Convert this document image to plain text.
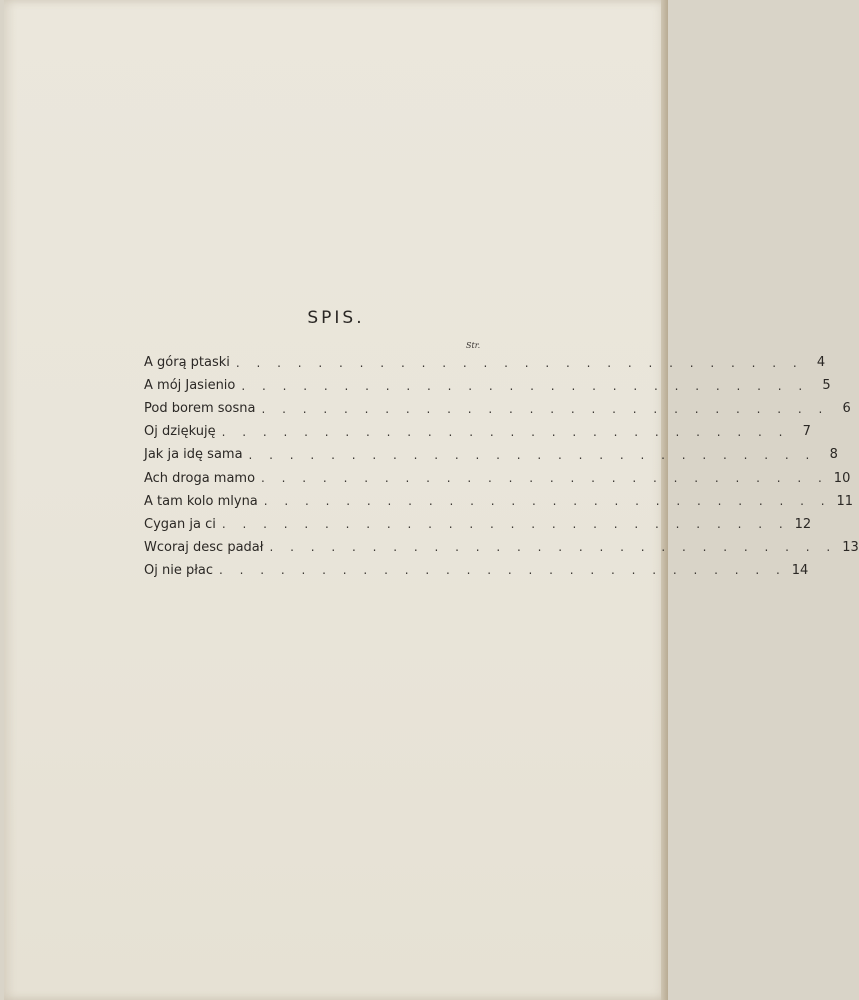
SPIS.
Str.
A górą ptaski . . . . . . . . . . . . . . . . . . . . . . . . . . . .	4
A mój Jasienio . . . . . . . . . . . . . . . . . . . . . . . . . . . .	5
Pod borem sosna . . . . . . . . . . . . . . . . . . . . . . . . . . . .	6
Oj dziękuję . . . . . . . . . . . . . . . . . . . . . . . . . . . .	7
Jak ja idę sama . . . . . . . . . . . . . . . . . . . . . . . . . . . .	8
Ach droga mamo . . . . . . . . . . . . . . . . . . . . . . . . . . . . 10
A tam kolo mlyna . . . . . . . . . . . . . . . . . . . . . . . . . . . . 11
Cygan ja ci . . . . . . . . . . . . . . . . . . . . . . . . . . . . 12
Wcoraj desc padał . . . . . . . . . . . . . . . . . . . . . . . . . . . . 13
Oj nie płac . . . . . . . . . . . . . . . . . . . . . . . . . . . . 14
